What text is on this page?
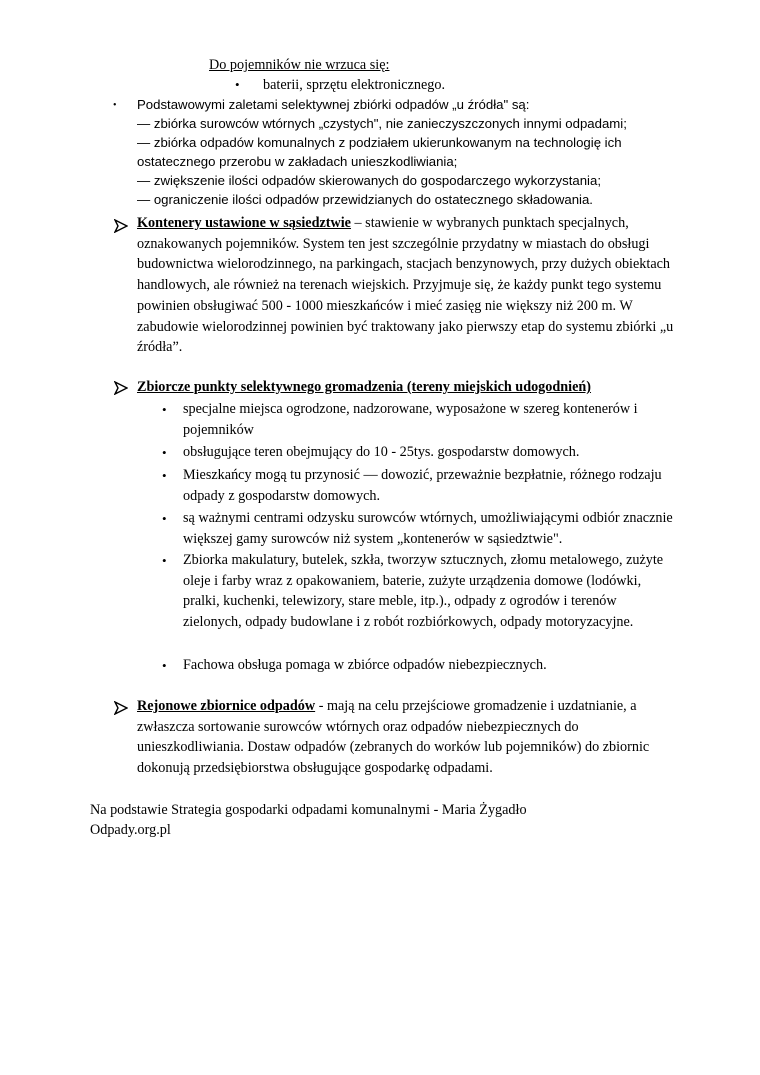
Do pojemników nie wrzuca się:
• baterii, sprzętu elektronicznego.
• Podstawowymi zaletami selektywnej zbiórki odpadów „u źródła" są:
— zbiórka surowców wtórnych „czystych", nie zanieczyszczonych innymi odpadami;
— zbiórka odpadów komunalnych z podziałem ukierunkowanym na technologię ich
ostatecznego przerobu w zakładach unieszkodliwiania;
— zwiększenie ilości odpadów skierowanych do gospodarczego wykorzystania;
— ograniczenie ilości odpadów przewidzianych do ostatecznego składowania.
Kontenery ustawione w sąsiedztwie – stawienie w wybranych punktach specjalnych, oznakowanych pojemników. System ten jest szczególnie przydatny w miastach do obsługi budownictwa wielorodzinnego, na parkingach, stacjach benzynowych, przy dużych obiektach handlowych, ale również na terenach wiejskich. Przyjmuje się, że każdy punkt tego systemu powinien obsługiwać 500 - 1000 mieszkańców i mieć zasięg nie większy niż 200 m. W zabudowie wielorodzinnej powinien być traktowany jako pierwszy etap do systemu zbiórki „u źródła”.
Zbiorcze punkty selektywnego gromadzenia (tereny miejskich udogodnień)
• specjalne miejsca ogrodzone, nadzorowane, wyposażone w szereg kontenerów i pojemników
• obsługujące teren obejmujący do 10 - 25tys. gospodarstw domowych.
• Mieszkańcy mogą tu przynosić — dowozić, przeważnie bezpłatnie, różnego rodzaju odpady z gospodarstw domowych.
• są ważnymi centrami odzysku surowców wtórnych, umożliwiającymi odbiór znacznie większej gamy surowców niż system „kontenerów w sąsiedztwie".
• Zbiorka makulatury, butelek, szkła, tworzyw sztucznych, złomu metalowego, zużyte oleje i farby wraz z opakowaniem, baterie, zużyte urządzenia domowe (lodówki, pralki, kuchenki, telewizory, stare meble, itp.)., odpady z ogrodów i terenów zielonych, odpady budowlane i z robót rozbiórkowych, odpady motoryzacyjne.
• Fachowa obsługa pomaga w zbiórce odpadów niebezpiecznych.
Rejonowe zbiornice odpadów - mają na celu przejściowe gromadzenie i uzdatnianie, a zwłaszcza sortowanie surowców wtórnych oraz odpadów niebezpiecznych do unieszkodliwiania. Dostaw odpadów (zebranych do worków lub pojemników) do zbiornic dokonują przedsiębiorstwa obsługujące gospodarkę odpadami.
Na podstawie Strategia gospodarki odpadami komunalnymi - Maria Żygadło
Odpady.org.pl
